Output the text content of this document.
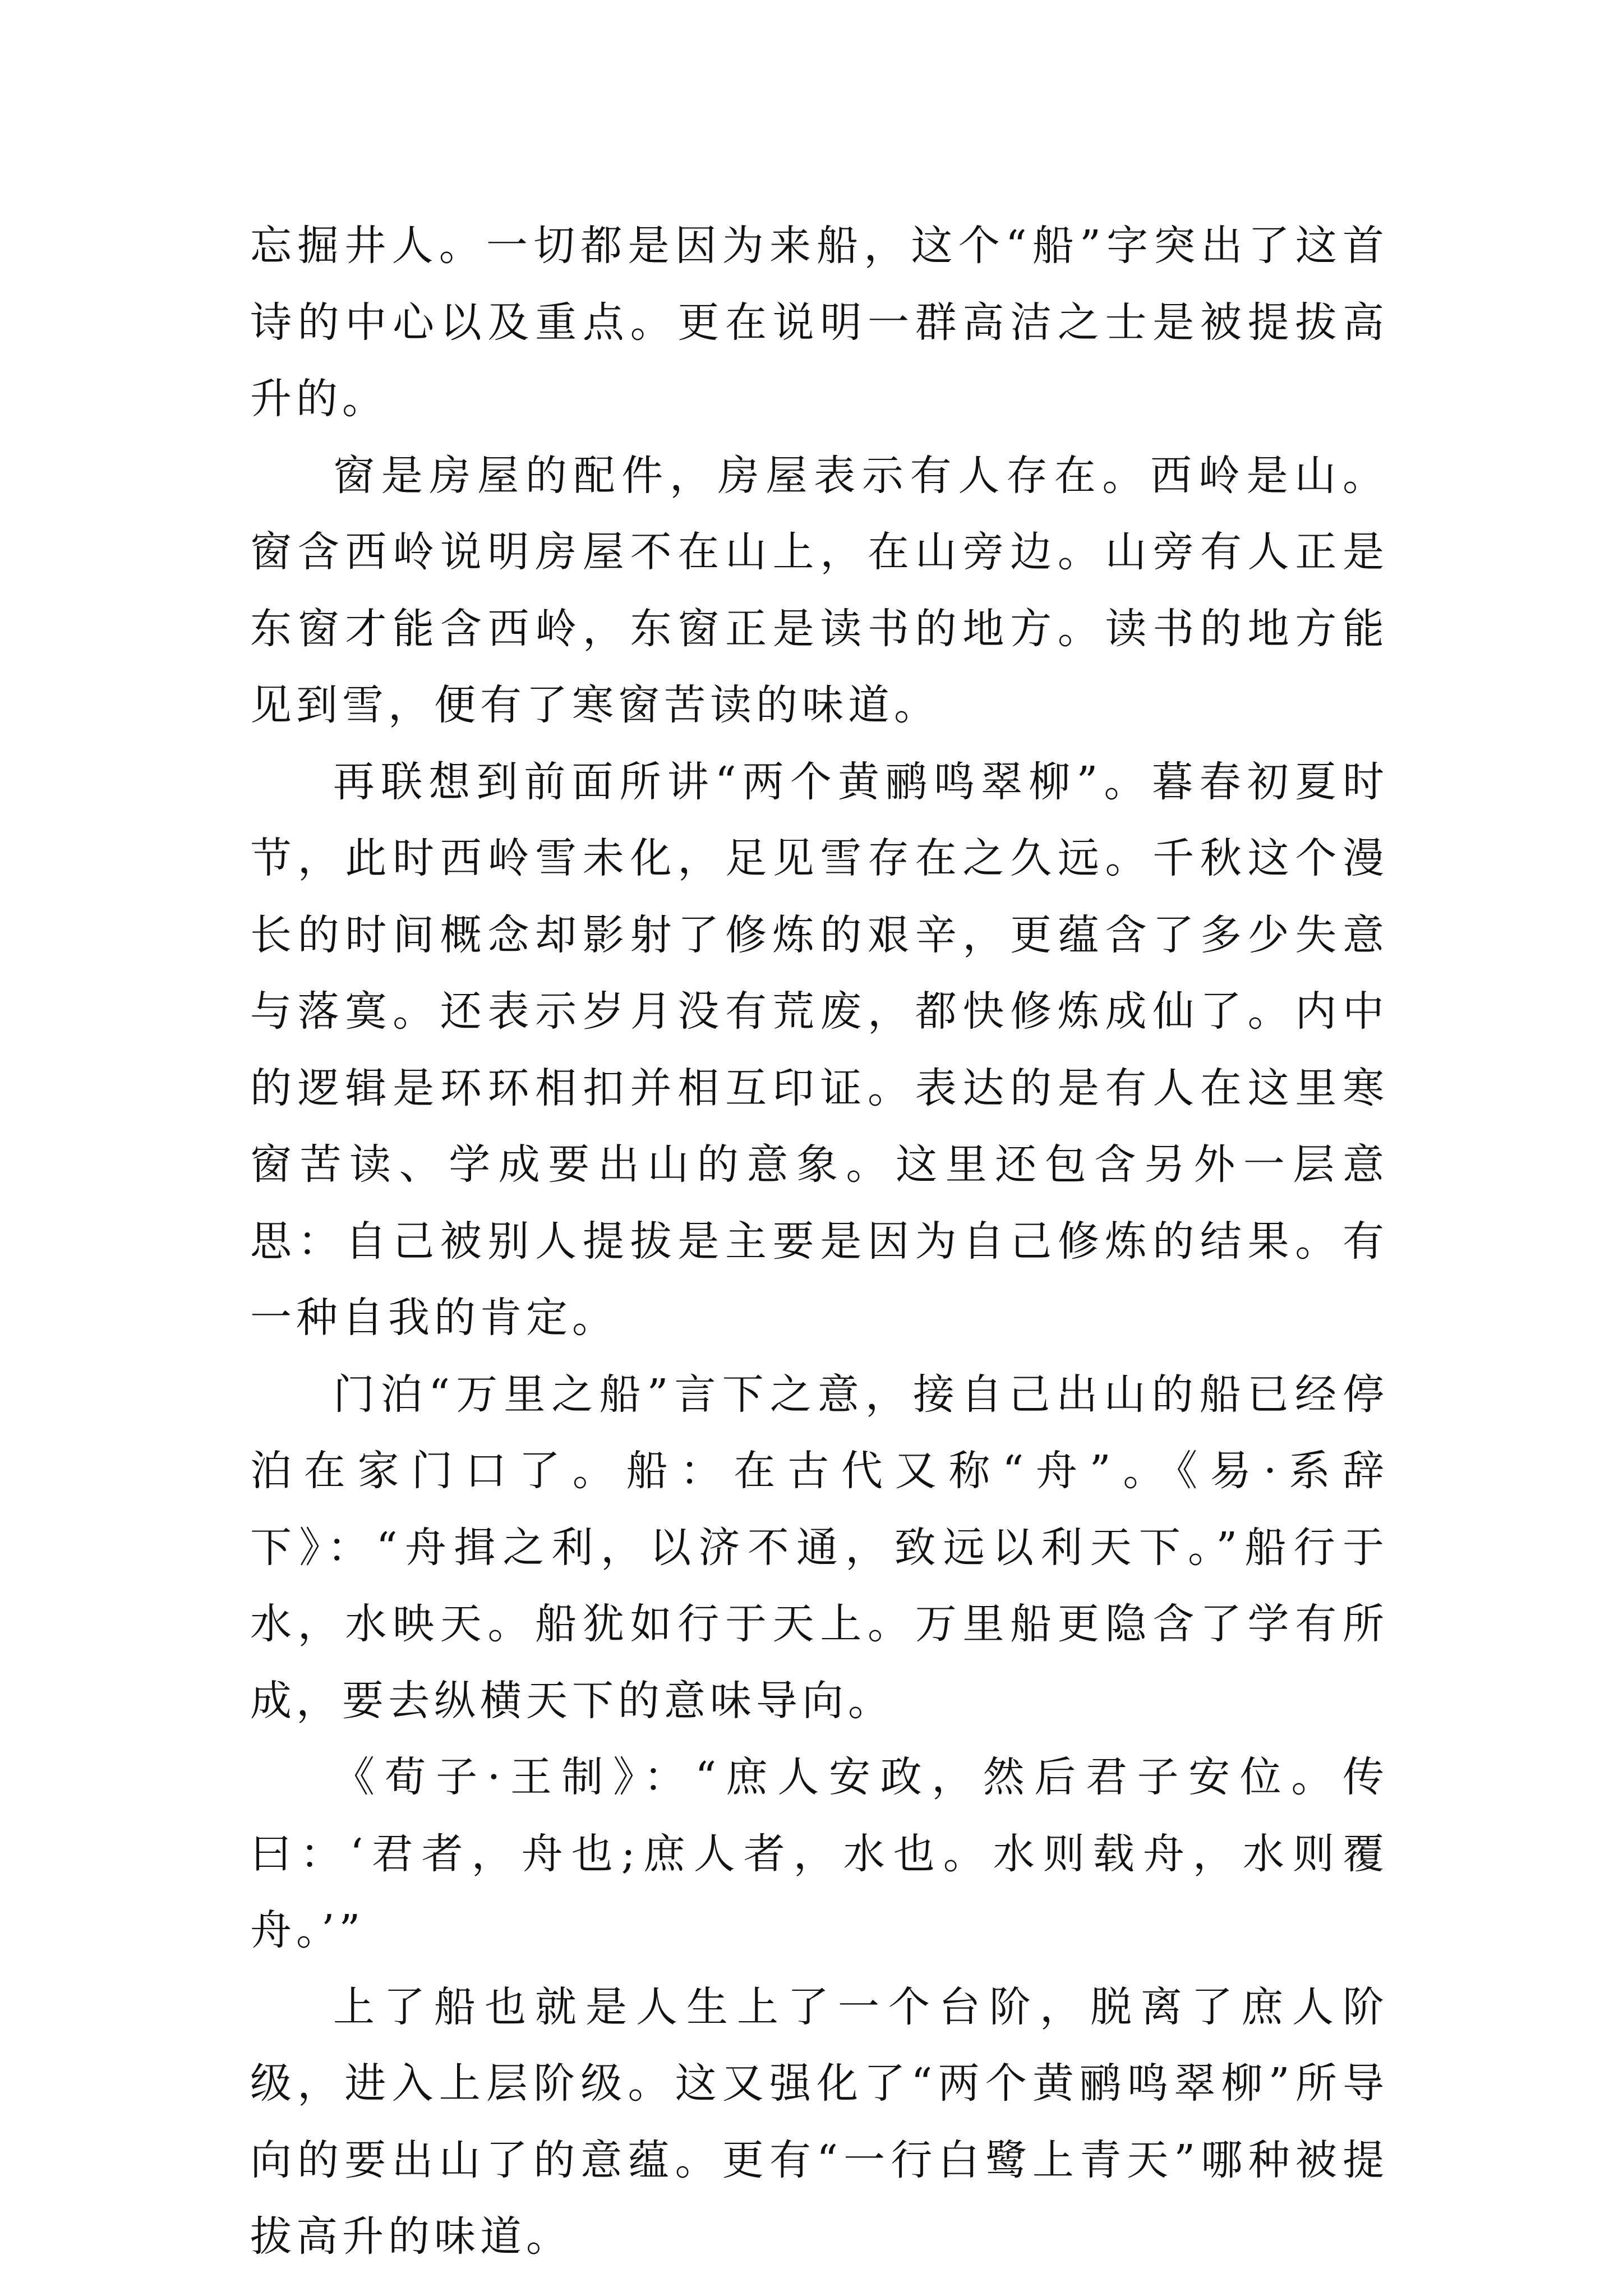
忘掘井人。一切都是因为来船，这个“船”字突出了这首诗的中心以及重点。更在说明一群高洁之士是被提拔高升的。

窗是房屋的配件，房屋表示有人存在。西岭是山。窗含西岭说明房屋不在山上，在山旁边。山旁有人正是东窗才能含西岭，东窗正是读书的地方。读书的地方能见到雪，便有了寒窗苦读的味道。

再联想到前面所讲“两个黄鹂鸣翠柳”。暮春初夏时节，此时西岭雪未化，足见雪存在之久远。千秋这个漫长的时间概念却影射了修炼的艰辛，更蕴含了多少失意与落寞。还表示岁月没有荒废，都快修炼成仙了。内中的逻辑是环环相扣并相互印证。表达的是有人在这里寒窗苦读、学成要出山的意象。这里还包含另外一层意思：自己被别人提拔是主要是因为自己修炼的结果。有一种自我的肯定。

门泊“万里之船”言下之意，接自己出山的船已经停泊在家门口了。船：在古代又称“舟”。《易·系辞下》：“舟揖之利，以济不通，致远以利天下。”船行于水，水映天。船犹如行于天上。万里船更隐含了学有所成，要去纵横天下的意味导向。

《荀子·王制》：“庶人安政，然后君子安位。传曰：‘君者，舟也;庶人者，水也。水则载舟，水则覆舟。’”

上了船也就是人生上了一个台阶，脱离了庶人阶级，进入上层阶级。这又强化了“两个黄鹂鸣翠柳”所导向的要出山了的意蕴。更有“一行白鹭上青天”哪种被提拔高升的味道。
